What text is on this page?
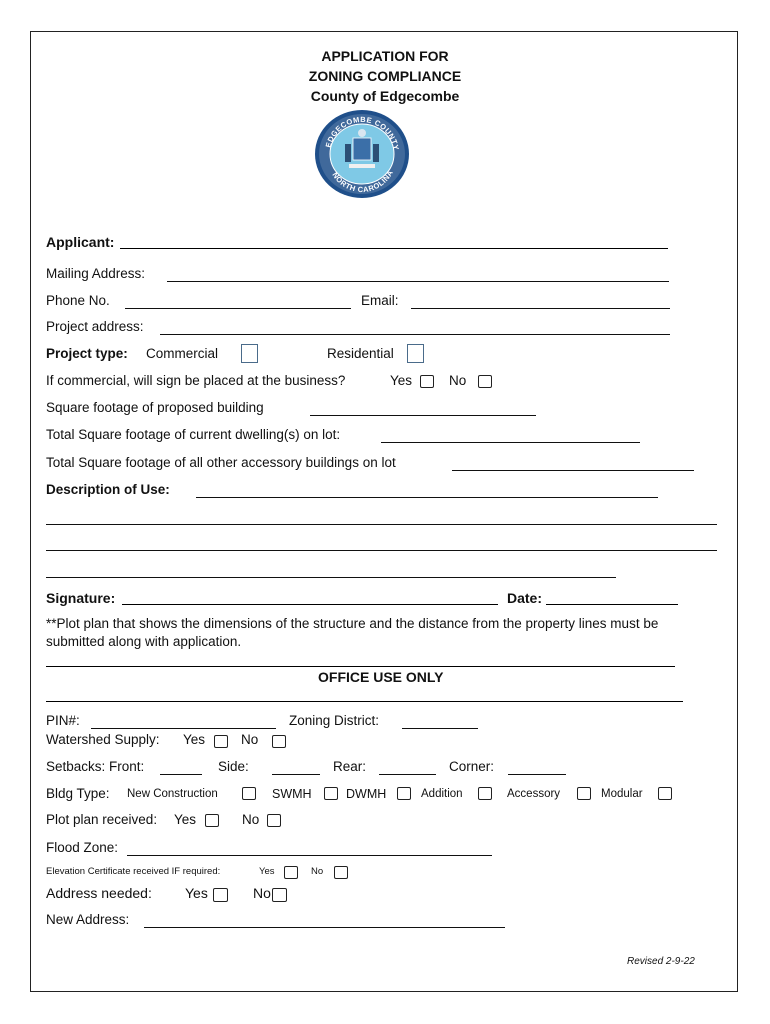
APPLICATION FOR
ZONING COMPLIANCE
County of Edgecombe
EDGECOMBE COUNTY
NORTH CAROLINA
Applicant:
Mailing Address:
Phone No.	Email:
Project address:
Project type: Commercial	Residential
If commercial, will sign be placed at the business?	Yes	No
Square footage of proposed building
Total Square footage of current dwelling(s) on lot:
Total Square footage of all other accessory buildings on lot
Description of Use:
Signature:	Date:
**Plot plan that shows the dimensions of the structure and the distance from the property lines must be
submitted along with application.
OFFICE USE ONLY
PIN#:	Zoning District:
Watershed Supply: Yes	No
Setbacks: Front:	Side:	Rear:	Corner:
Bldg Type: New Construction	SWMH	DWMH	Addition	Accessory	Modular
Plot plan received: Yes	No
Flood Zone:
Elevation Certificate received IF required:	Yes	No
Address needed: Yes	No
New Address:
Revised 2-9-22
